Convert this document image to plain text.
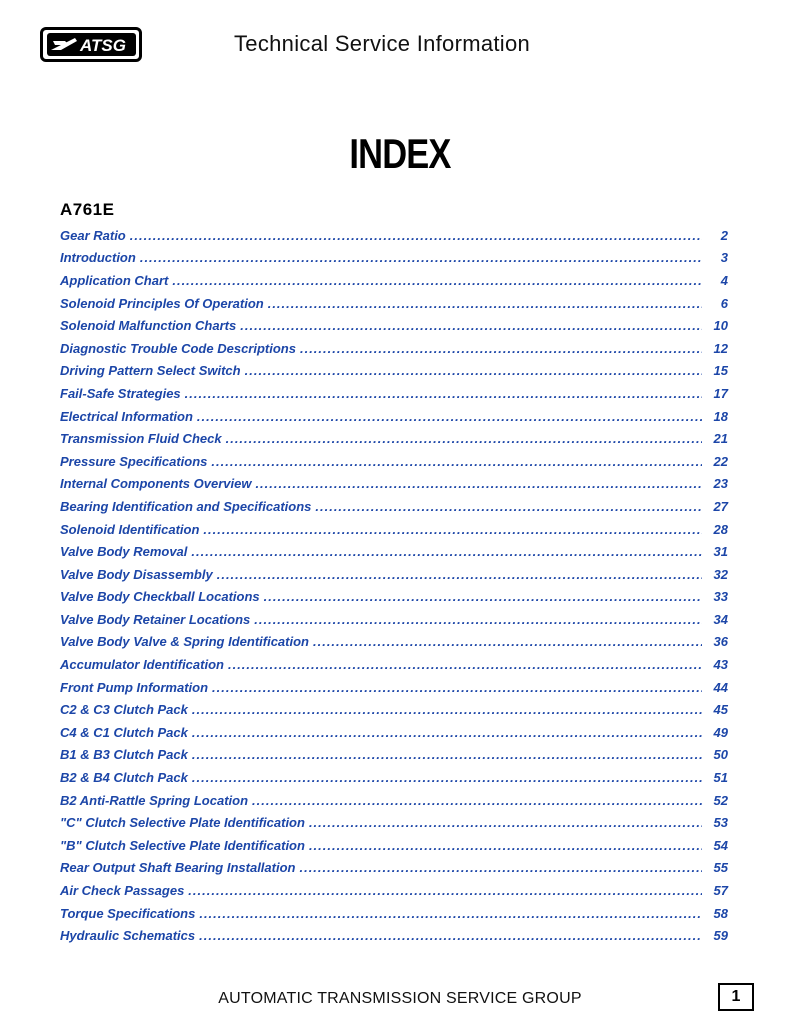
ATSG	Technical Service Information
INDEX
A761E
Gear Ratio .....	2
Introduction .....	3
Application Chart .....	4
Solenoid Principles Of Operation .....	6
Solenoid Malfunction Charts .....	10
Diagnostic Trouble Code Descriptions .....	12
Driving Pattern Select Switch .....	15
Fail-Safe Strategies .....	17
Electrical Information .....	18
Transmission Fluid Check .....	21
Pressure Specifications .....	22
Internal Components Overview .....	23
Bearing Identification and Specifications .....	27
Solenoid Identification .....	28
Valve Body Removal .....	31
Valve Body Disassembly .....	32
Valve Body Checkball Locations .....	33
Valve Body Retainer Locations .....	34
Valve Body Valve & Spring Identification .....	36
Accumulator Identification .....	43
Front Pump Information .....	44
C2 & C3 Clutch Pack .....	45
C4 & C1 Clutch Pack .....	49
B1 & B3 Clutch Pack .....	50
B2 & B4 Clutch Pack .....	51
B2 Anti-Rattle Spring Location .....	52
"C" Clutch Selective Plate Identification .....	53
"B" Clutch Selective Plate Identification .....	54
Rear Output Shaft Bearing Installation .....	55
Air Check Passages .....	57
Torque Specifications .....	58
Hydraulic Schematics .....	59
AUTOMATIC TRANSMISSION SERVICE GROUP	1
